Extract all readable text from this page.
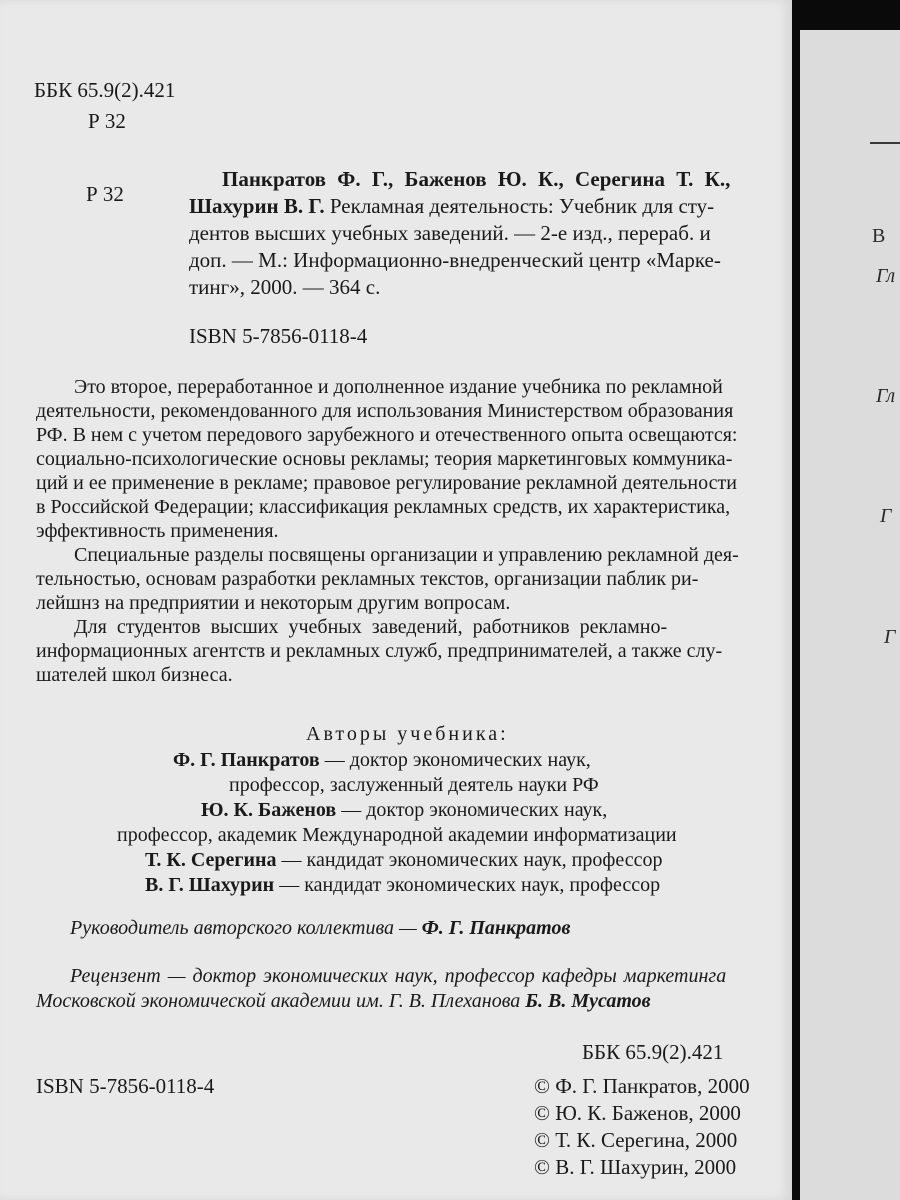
ББК 65.9(2).421
Р 32
Р 32
Панкратов Ф. Г., Баженов Ю. К., Серегина Т. К.,
Шахурин В. Г. Рекламная деятельность: Учебник для сту-
дентов высших учебных заведений. — 2-е изд., перераб. и
доп. — М.: Информационно-внедренческий центр «Марке-
тинг», 2000. — 364 с.
ISBN 5-7856-0118-4
Это второе, переработанное и дополненное издание учебника по рекламной
деятельности, рекомендованного для использования Министерством образования
РФ. В нем с учетом передового зарубежного и отечественного опыта освещаются:
социально-психологические основы рекламы; теория маркетинговых коммуника-
ций и ее применение в рекламе; правовое регулирование рекламной деятельности
в Российской Федерации; классификация рекламных средств, их характеристика,
эффективность применения.
Специальные разделы посвящены организации и управлению рекламной дея-
тельностью, основам разработки рекламных текстов, организации паблик ри-
лейшнз на предприятии и некоторым другим вопросам.
Для  студентов  высших  учебных  заведений,  работников  рекламно-
информационных агентств и рекламных служб, предпринимателей, а также слу-
шателей школ бизнеса.
Авторы учебника:
Ф. Г. Панкратов — доктор экономических наук,
профессор, заслуженный деятель науки РФ
Ю. К. Баженов — доктор экономических наук,
профессор, академик Международной академии информатизации
Т. К. Серегина — кандидат экономических наук, профессор
В. Г. Шахурин — кандидат экономических наук, профессор
Руководитель авторского коллектива — Ф. Г. Панкратов
Рецензент — доктор экономических наук, профессор кафедры маркетинга
Московской экономической академии им. Г. В. Плеханова Б. В. Мусатов
ББК 65.9(2).421
ISBN 5-7856-0118-4	© Ф. Г. Панкратов, 2000
© Ю. К. Баженов, 2000
© Т. К. Серегина, 2000
© В. Г. Шахурин, 2000
В
Гл
Гл
Г
Г
